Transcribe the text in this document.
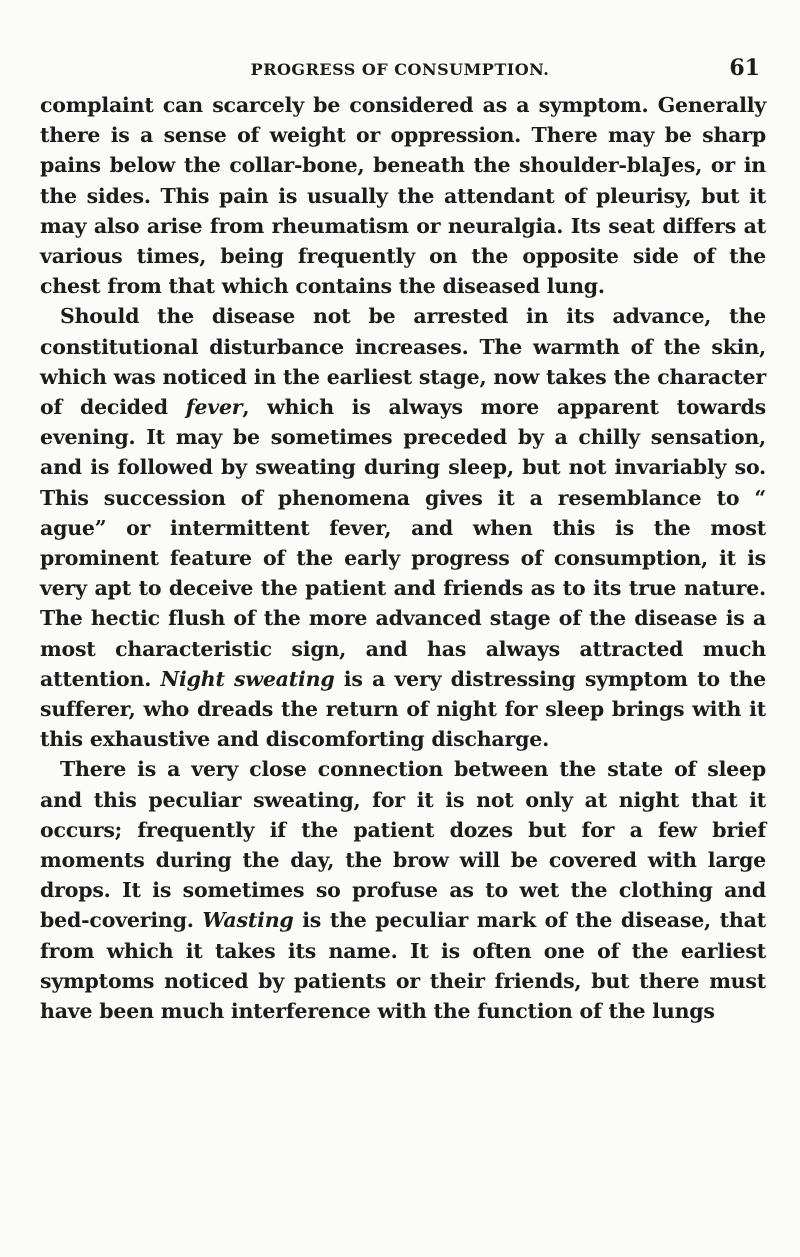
PROGRESS OF CONSUMPTION.	61

complaint can scarcely be considered as a symptom. Generally there is a sense of weight or oppression. There may be sharp pains below the collar-bone, beneath the shoulder-blaJes, or in the sides. This pain is usually the attendant of pleurisy, but it may also arise from rheumatism or neuralgia. Its seat differs at various times, being frequently on the opposite side of the chest from that which contains the diseased lung.

Should the disease not be arrested in its advance, the constitutional disturbance increases. The warmth of the skin, which was noticed in the earliest stage, now takes the character of decided fever, which is always more apparent towards evening. It may be sometimes preceded by a chilly sensation, and is followed by sweating during sleep, but not invariably so. This succession of phenomena gives it a resemblance to “ ague” or intermittent fever, and when this is the most prominent feature of the early progress of consumption, it is very apt to deceive the patient and friends as to its true nature. The hectic flush of the more advanced stage of the disease is a most characteristic sign, and has always attracted much attention. Night sweating is a very distressing symptom to the sufferer, who dreads the return of night for sleep brings with it this exhaustive and discomforting discharge.

There is a very close connection between the state of sleep and this peculiar sweating, for it is not only at night that it occurs; frequently if the patient dozes but for a few brief moments during the day, the brow will be covered with large drops. It is sometimes so profuse as to wet the clothing and bed-covering. Wasting is the peculiar mark of the disease, that from which it takes its name. It is often one of the earliest symptoms noticed by patients or their friends, but there must have been much interference with the function of the lungs
